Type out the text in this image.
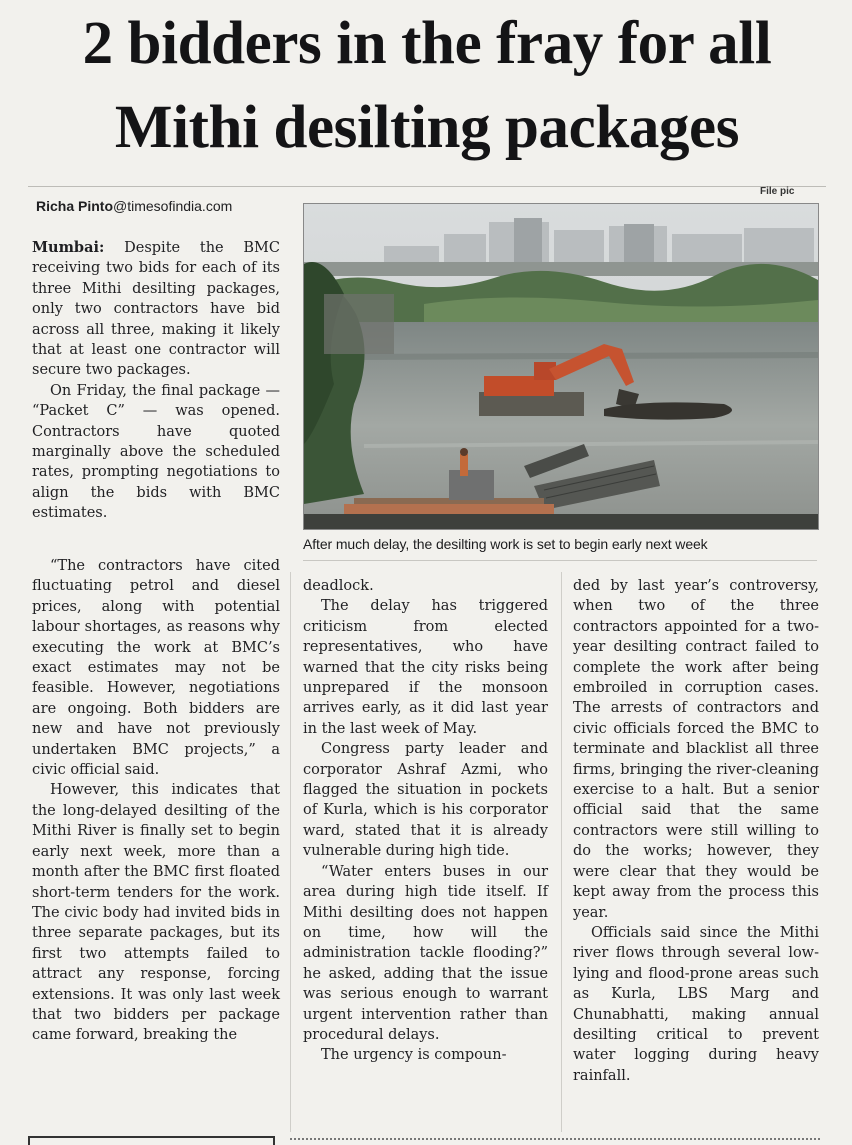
2 bidders in the fray for all Mithi desilting packages

Richa Pinto@timesofindia.com

File pic

After much delay, the desilting work is set to begin early next week

Mumbai: Despite the BMC receiving two bids for each of its three Mithi desilting packages, only two contractors have bid across all three, making it likely that at least one contractor will secure two packages.

On Friday, the final package — “Packet C” — was opened. Contractors have quoted marginally above the scheduled rates, prompting negotiations to align the bids with BMC estimates.

“The contractors have cited fluctuating petrol and diesel prices, along with potential labour shortages, as reasons why executing the work at BMC’s exact estimates may not be feasible. However, negotiations are ongoing. Both bidders are new and have not previously undertaken BMC projects,” a civic official said.

However, this indicates that the long-delayed desilting of the Mithi River is finally set to begin early next week, more than a month after the BMC first floated short-term tenders for the work. The civic body had invited bids in three separate packages, but its first two attempts failed to attract any response, forcing extensions. It was only last week that two bidders per package came forward, breaking the

deadlock.

The delay has triggered criticism from elected representatives, who have warned that the city risks being unprepared if the monsoon arrives early, as it did last year in the last week of May.

Congress party leader and corporator Ashraf Azmi, who flagged the situation in pockets of Kurla, which is his corporator ward, stated that it is already vulnerable during high tide.

“Water enters buses in our area during high tide itself. If Mithi desilting does not happen on time, how will the administration tackle flooding?” he asked, adding that the issue was serious enough to warrant urgent intervention rather than procedural delays.

The urgency is compoun-

ded by last year’s controversy, when two of the three contractors appointed for a two-year desilting contract failed to complete the work after being embroiled in corruption cases. The arrests of contractors and civic officials forced the BMC to terminate and blacklist all three firms, bringing the river-cleaning exercise to a halt. But a senior official said that the same contractors were still willing to do the works; however, they were clear that they would be kept away from the process this year.

Officials said since the Mithi river flows through several low-lying and flood-prone areas such as Kurla, LBS Marg and Chunabhatti, making annual desilting critical to prevent water logging during heavy rainfall.
